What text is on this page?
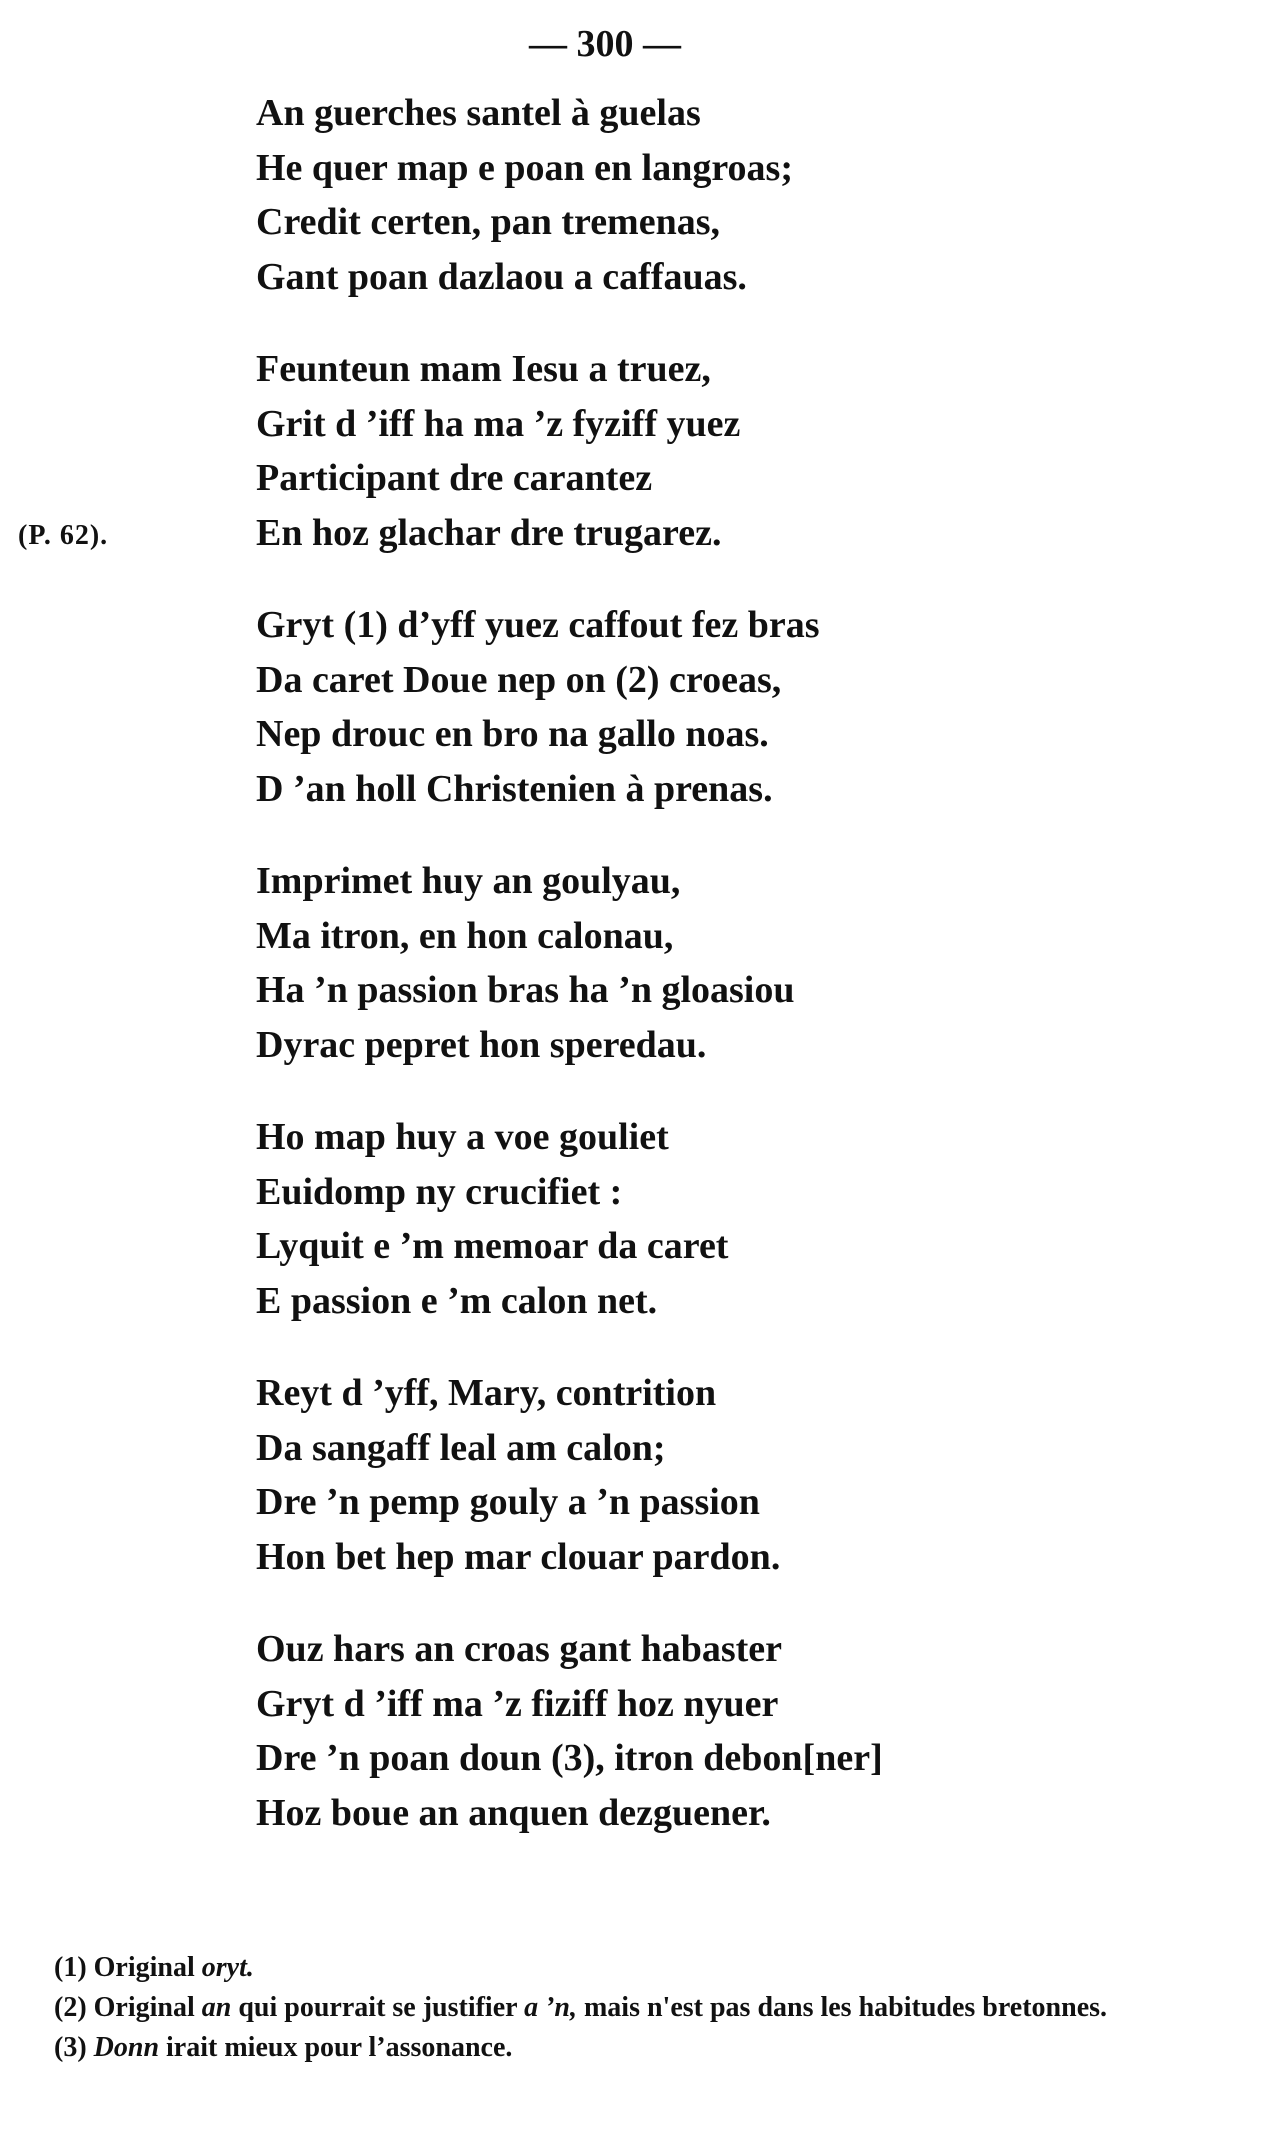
— 300 —
(P. 62).
An guerches santel à guelas
He quer map e poan en langroas;
Credit certen, pan tremenas,
Gant poan dazlaou a caffauas.
Feunteun mam Iesu a truez,
Grit d ’iff ha ma ’z fyziff yuez
Participant dre carantez
En hoz glachar dre trugarez.
Gryt (1) d’yff yuez caffout fez bras
Da caret Doue nep on (2) croeas,
Nep drouc en bro na gallo noas.
D ’an holl Christenien à prenas.
Imprimet huy an goulyau,
Ma itron, en hon calonau,
Ha ’n passion bras ha ’n gloasiou
Dyrac pepret hon speredau.
Ho map huy a voe gouliet
Euidomp ny crucifiet :
Lyquit e ’m memoar da caret
E passion e ’m calon net.
Reyt d ’yff, Mary, contrition
Da sangaff leal am calon;
Dre ’n pemp gouly a ’n passion
Hon bet hep mar clouar pardon.
Ouz hars an croas gant habaster
Gryt d ’iff ma ’z fiziff hoz nyuer
Dre ’n poan doun (3), itron debon[ner]
Hoz boue an anquen dezguener.
(1) Original oryt.
(2) Original an qui pourrait se justifier a ’n, mais n'est pas dans les habitudes bretonnes.
(3) Donn irait mieux pour l’assonance.
